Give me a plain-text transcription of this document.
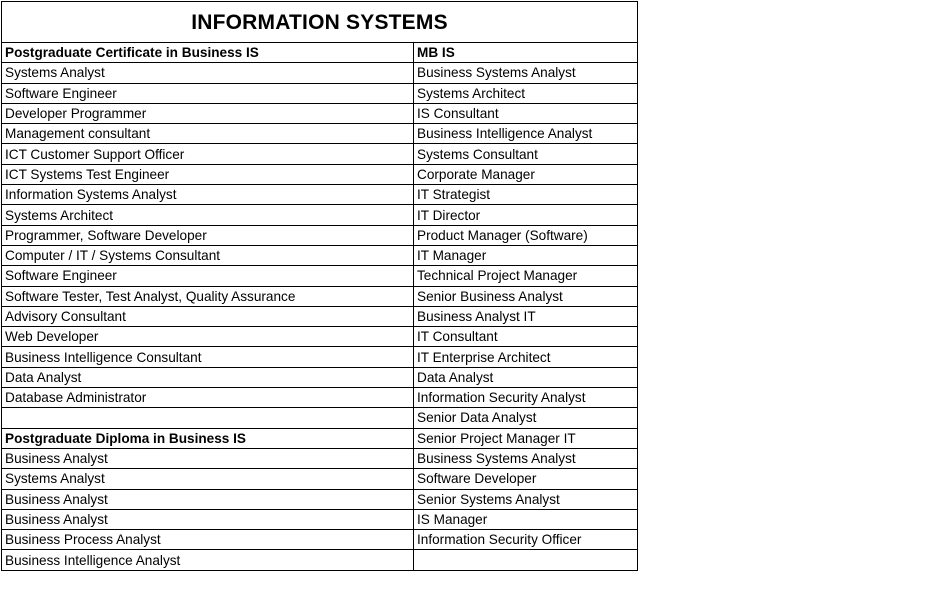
INFORMATION SYSTEMS	
Postgraduate Certificate in Business IS	MB IS
Systems Analyst	Business Systems Analyst
Software Engineer	Systems Architect
Developer Programmer	IS Consultant
Management consultant	Business Intelligence Analyst
ICT Customer Support Officer	Systems Consultant
ICT Systems Test Engineer	Corporate Manager
Information Systems Analyst	IT Strategist
Systems Architect	IT Director
Programmer, Software Developer	Product Manager (Software)
Computer / IT / Systems Consultant	IT Manager
Software Engineer	Technical Project Manager
Software Tester, Test Analyst, Quality Assurance	Senior Business Analyst
Advisory Consultant	Business Analyst IT
Web Developer	IT Consultant
Business Intelligence Consultant	IT Enterprise Architect
Data Analyst	Data Analyst
Database Administrator	Information Security Analyst
	Senior Data Analyst
Postgraduate Diploma in Business IS	Senior Project Manager IT
Business Analyst	Business Systems Analyst
Systems Analyst	Software Developer
Business Analyst	Senior Systems Analyst
Business Analyst	IS Manager
Business Process Analyst	Information Security Officer
Business Intelligence Analyst	
